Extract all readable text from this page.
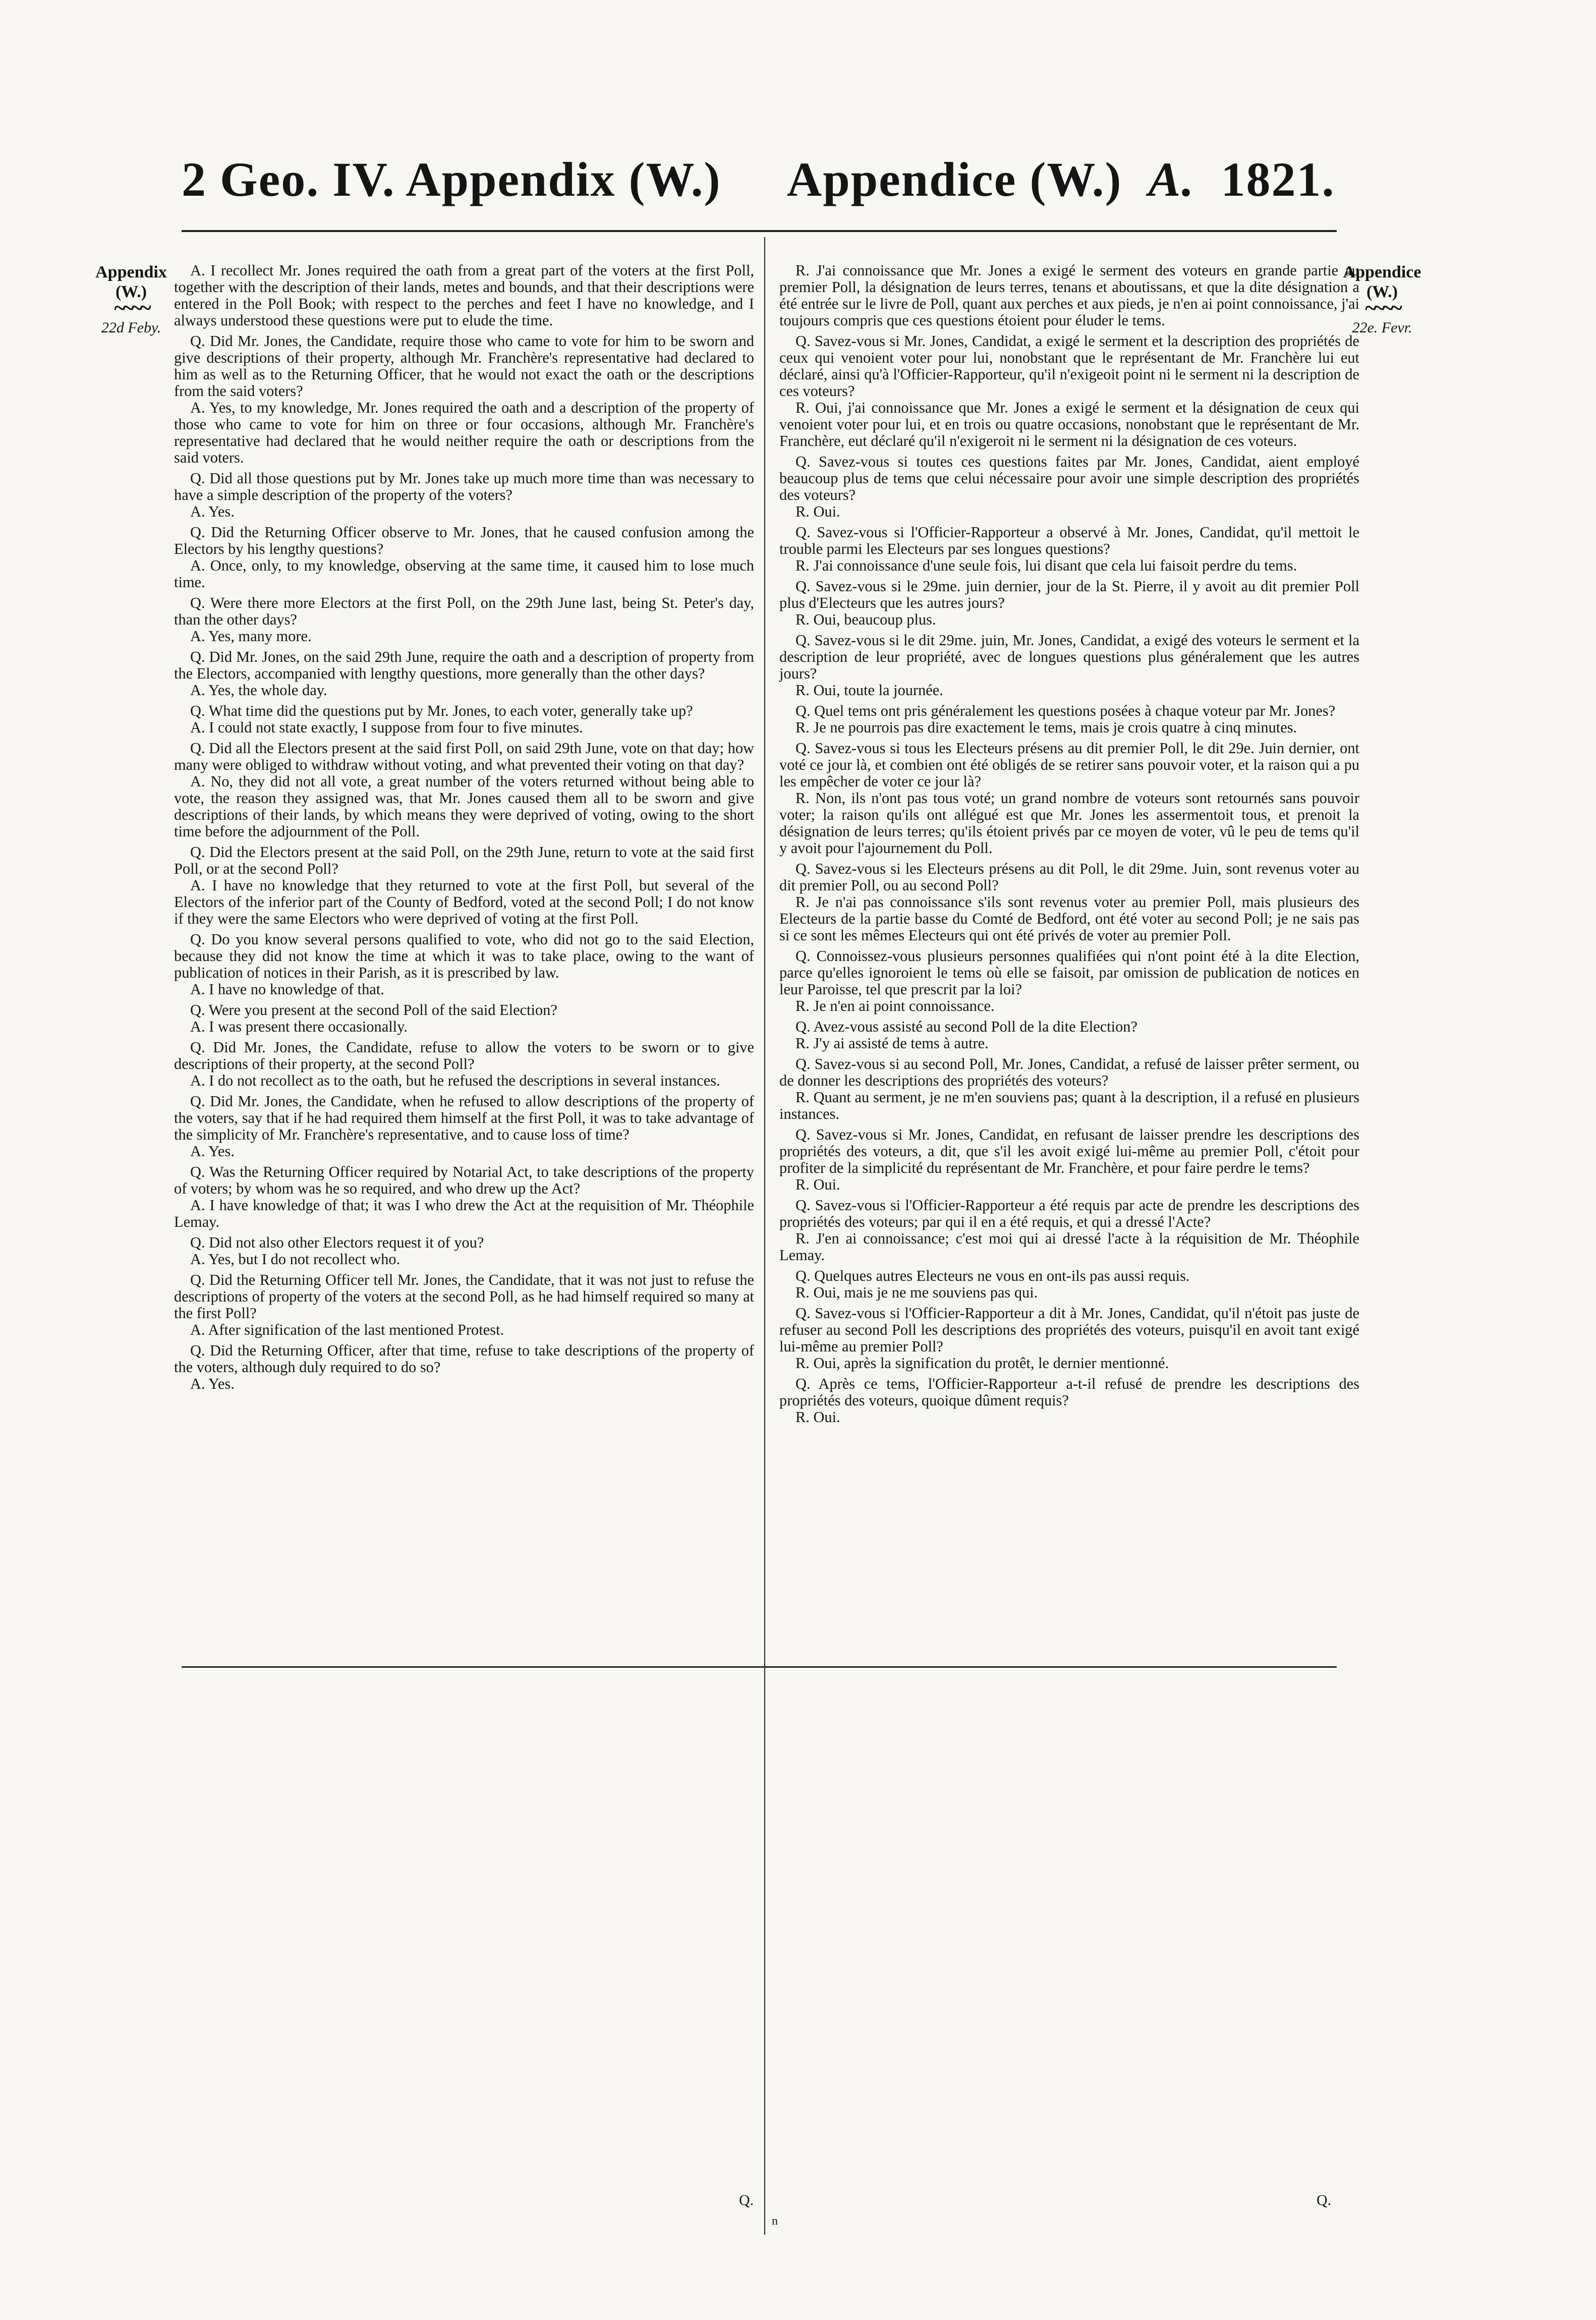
2 Geo. IV. Appendix (W.) Appendice (W.) A. 1821.
Appendix
(W.)
~~~~
22d Feby.
Appendice
(W.)
~~~~
22e. Fevr.

A. I recollect Mr. Jones required the oath from a great part of the voters at the first Poll, together with the description of their lands, metes and bounds, and that their descriptions were entered in the Poll Book; with respect to the perches and feet I have no knowledge, and I always understood these questions were put to elude the time.

Q. Did Mr. Jones, the Candidate, require those who came to vote for him to be sworn and give descriptions of their property, although Mr. Franchère's representative had declared to him as well as to the Returning Officer, that he would not exact the oath or the descriptions from the said voters?

A. Yes, to my knowledge, Mr. Jones required the oath and a description of the property of those who came to vote for him on three or four occasions, although Mr. Franchère's representative had declared that he would neither require the oath or descriptions from the said voters.

Q. Did all those questions put by Mr. Jones take up much more time than was necessary to have a simple description of the property of the voters?

A. Yes.

Q. Did the Returning Officer observe to Mr. Jones, that he caused confusion among the Electors by his lengthy questions?

A. Once, only, to my knowledge, observing at the same time, it caused him to lose much time.

Q. Were there more Electors at the first Poll, on the 29th June last, being St. Peter's day, than the other days?

A. Yes, many more.

Q. Did Mr. Jones, on the said 29th June, require the oath and a description of property from the Electors, accompanied with lengthy questions, more generally than the other days?

A. Yes, the whole day.

Q. What time did the questions put by Mr. Jones, to each voter, generally take up?

A. I could not state exactly, I suppose from four to five minutes.

Q. Did all the Electors present at the said first Poll, on said 29th June, vote on that day; how many were obliged to withdraw without voting, and what prevented their voting on that day?

A. No, they did not all vote, a great number of the voters returned without being able to vote, the reason they assigned was, that Mr. Jones caused them all to be sworn and give descriptions of their lands, by which means they were deprived of voting, owing to the short time before the adjournment of the Poll.

Q. Did the Electors present at the said Poll, on the 29th June, return to vote at the said first Poll, or at the second Poll?

A. I have no knowledge that they returned to vote at the first Poll, but several of the Electors of the inferior part of the County of Bedford, voted at the second Poll; I do not know if they were the same Electors who were deprived of voting at the first Poll.

Q. Do you know several persons qualified to vote, who did not go to the said Election, because they did not know the time at which it was to take place, owing to the want of publication of notices in their Parish, as it is prescribed by law.

A. I have no knowledge of that.

Q. Were you present at the second Poll of the said Election?

A. I was present there occasionally.

Q. Did Mr. Jones, the Candidate, refuse to allow the voters to be sworn or to give descriptions of their property, at the second Poll?

A. I do not recollect as to the oath, but he refused the descriptions in several instances.

Q. Did Mr. Jones, the Candidate, when he refused to allow descriptions of the property of the voters, say that if he had required them himself at the first Poll, it was to take advantage of the simplicity of Mr. Franchère's representative, and to cause loss of time?

A. Yes.

Q. Was the Returning Officer required by Notarial Act, to take descriptions of the property of voters; by whom was he so required, and who drew up the Act?

A. I have knowledge of that; it was I who drew the Act at the requisition of Mr. Théophile Lemay.

Q. Did not also other Electors request it of you?

A. Yes, but I do not recollect who.

Q. Did the Returning Officer tell Mr. Jones, the Candidate, that it was not just to refuse the descriptions of property of the voters at the second Poll, as he had himself required so many at the first Poll?

A. After signification of the last mentioned Protest.

Q. Did the Returning Officer, after that time, refuse to take descriptions of the property of the voters, although duly required to do so?

A. Yes.

R. J'ai connoissance que Mr. Jones a exigé le serment des voteurs en grande partie au premier Poll, la désignation de leurs terres, tenans et aboutissans, et que la dite désignation a été entrée sur le livre de Poll, quant aux perches et aux pieds, je n'en ai point connoissance, j'ai toujours compris que ces questions étoient pour éluder le tems.

Q. Savez-vous si Mr. Jones, Candidat, a exigé le serment et la description des propriétés de ceux qui venoient voter pour lui, nonobstant que le représentant de Mr. Franchère lui eut déclaré, ainsi qu'à l'Officier-Rapporteur, qu'il n'exigeoit point ni le serment ni la description de ces voteurs?

R. Oui, j'ai connoissance que Mr. Jones a exigé le serment et la désignation de ceux qui venoient voter pour lui, et en trois ou quatre occasions, nonobstant que le représentant de Mr. Franchère, eut déclaré qu'il n'exigeroit ni le serment ni la désignation de ces voteurs.

Q. Savez-vous si toutes ces questions faites par Mr. Jones, Candidat, aient employé beaucoup plus de tems que celui nécessaire pour avoir une simple description des propriétés des voteurs?

R. Oui.

Q. Savez-vous si l'Officier-Rapporteur a observé à Mr. Jones, Candidat, qu'il mettoit le trouble parmi les Electeurs par ses longues questions?

R. J'ai connoissance d'une seule fois, lui disant que cela lui faisoit perdre du tems.

Q. Savez-vous si le 29me. juin dernier, jour de la St. Pierre, il y avoit au dit premier Poll plus d'Electeurs que les autres jours?

R. Oui, beaucoup plus.

Q. Savez-vous si le dit 29me. juin, Mr. Jones, Candidat, a exigé des voteurs le serment et la description de leur propriété, avec de longues questions plus généralement que les autres jours?

R. Oui, toute la journée.

Q. Quel tems ont pris généralement les questions posées à chaque voteur par Mr. Jones?

R. Je ne pourrois pas dire exactement le tems, mais je crois quatre à cinq minutes.

Q. Savez-vous si tous les Electeurs présens au dit premier Poll, le dit 29e. Juin dernier, ont voté ce jour là, et combien ont été obligés de se retirer sans pouvoir voter, et la raison qui a pu les empêcher de voter ce jour là?

R. Non, ils n'ont pas tous voté; un grand nombre de voteurs sont retournés sans pouvoir voter; la raison qu'ils ont allégué est que Mr. Jones les assermentoit tous, et prenoit la désignation de leurs terres; qu'ils étoient privés par ce moyen de voter, vû le peu de tems qu'il y avoit pour l'ajournement du Poll.

Q. Savez-vous si les Electeurs présens au dit Poll, le dit 29me. Juin, sont revenus voter au dit premier Poll, ou au second Poll?

R. Je n'ai pas connoissance s'ils sont revenus voter au premier Poll, mais plusieurs des Electeurs de la partie basse du Comté de Bedford, ont été voter au second Poll; je ne sais pas si ce sont les mêmes Electeurs qui ont été privés de voter au premier Poll.

Q. Connoissez-vous plusieurs personnes qualifiées qui n'ont point été à la dite Election, parce qu'elles ignoroient le tems où elle se faisoit, par omission de publication de notices en leur Paroisse, tel que prescrit par la loi?

R. Je n'en ai point connoissance.

Q. Avez-vous assisté au second Poll de la dite Election?

R. J'y ai assisté de tems à autre.

Q. Savez-vous si au second Poll, Mr. Jones, Candidat, a refusé de laisser prêter serment, ou de donner les descriptions des propriétés des voteurs?

R. Quant au serment, je ne m'en souviens pas; quant à la description, il a refusé en plusieurs instances.

Q. Savez-vous si Mr. Jones, Candidat, en refusant de laisser prendre les descriptions des propriétés des voteurs, a dit, que s'il les avoit exigé lui-même au premier Poll, c'étoit pour profiter de la simplicité du représentant de Mr. Franchère, et pour faire perdre le tems?

R. Oui.

Q. Savez-vous si l'Officier-Rapporteur a été requis par acte de prendre les descriptions des propriétés des voteurs; par qui il en a été requis, et qui a dressé l'Acte?

R. J'en ai connoissance; c'est moi qui ai dressé l'acte à la réquisition de Mr. Théophile Lemay.

Q. Quelques autres Electeurs ne vous en ont-ils pas aussi requis.

R. Oui, mais je ne me souviens pas qui.

Q. Savez-vous si l'Officier-Rapporteur a dit à Mr. Jones, Candidat, qu'il n'étoit pas juste de refuser au second Poll les descriptions des propriétés des voteurs, puisqu'il en avoit tant exigé lui-même au premier Poll?

R. Oui, après la signification du protêt, le dernier mentionné.

Q. Après ce tems, l'Officier-Rapporteur a-t-il refusé de prendre les descriptions des propriétés des voteurs, quoique dûment requis?

R. Oui.

Q.	Q.
n
